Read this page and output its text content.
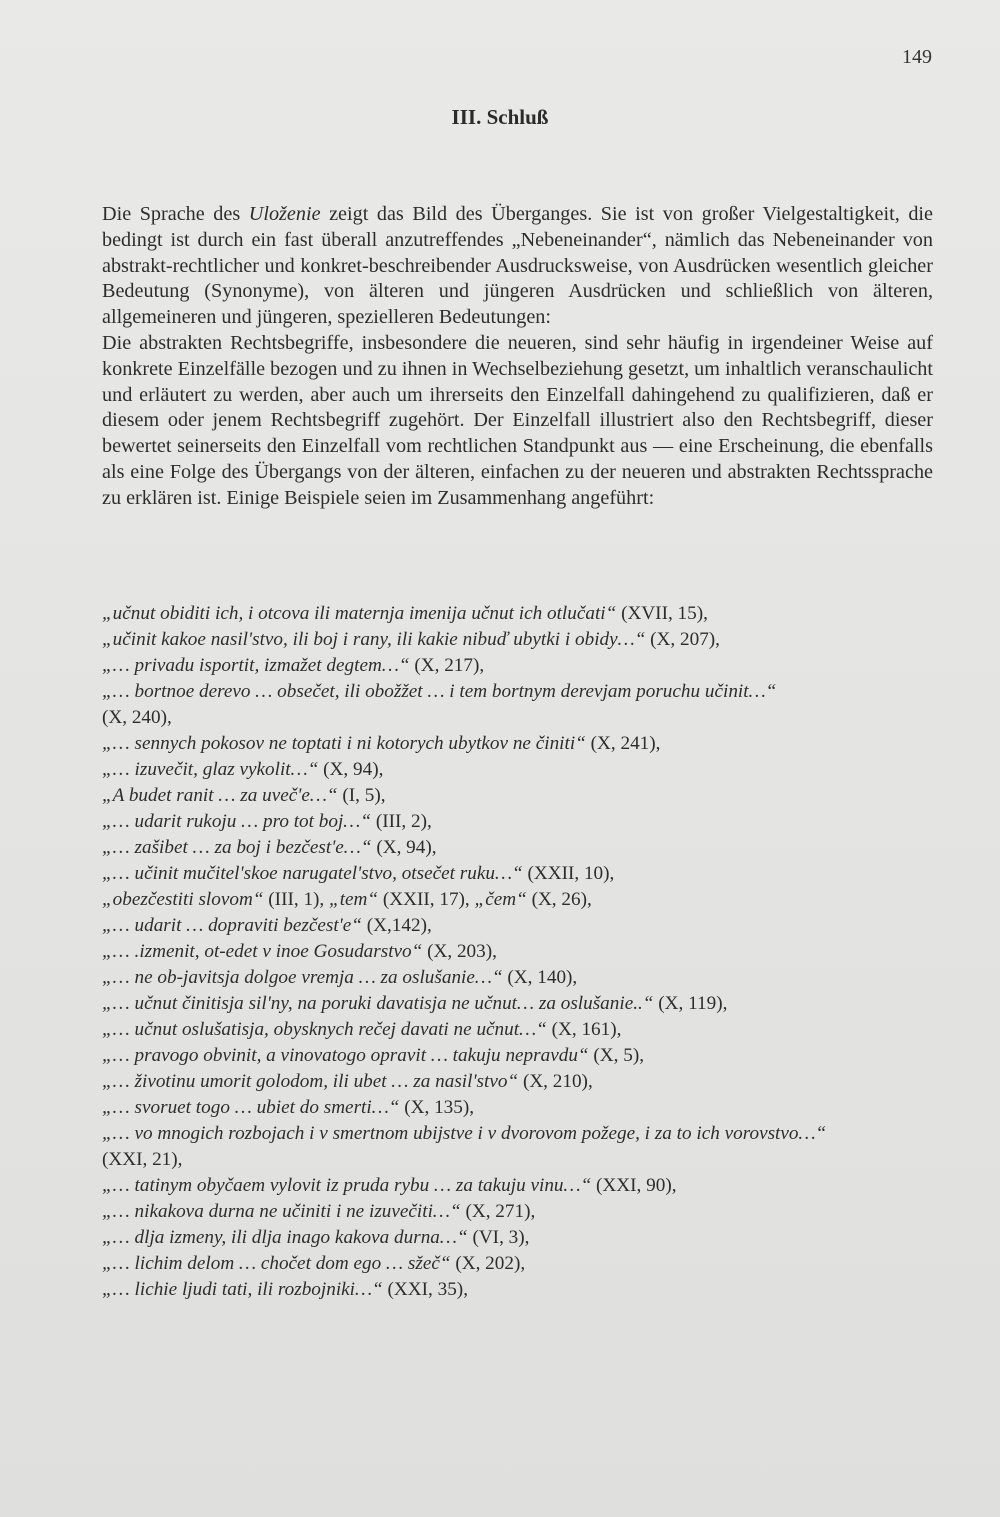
149
III. Schluß

Die Sprache des Uloženie zeigt das Bild des Überganges. Sie ist von großer Vielgestaltigkeit, die bedingt ist durch ein fast überall anzutreffendes „Nebeneinander“, nämlich das Nebeneinander von abstrakt-rechtlicher und konkret-beschreibender Ausdrucksweise, von Ausdrücken wesentlich gleicher Bedeutung (Synonyme), von älteren und jüngeren Ausdrücken und schließlich von älteren, allgemeineren und jüngeren, spezielleren Bedeutungen:

Die abstrakten Rechtsbegriffe, insbesondere die neueren, sind sehr häufig in irgendeiner Weise auf konkrete Einzelfälle bezogen und zu ihnen in Wechselbeziehung gesetzt, um inhaltlich veranschaulicht und erläutert zu werden, aber auch um ihrerseits den Einzelfall dahingehend zu qualifizieren, daß er diesem oder jenem Rechtsbegriff zugehört. Der Einzelfall illustriert also den Rechtsbegriff, dieser bewertet seinerseits den Einzelfall vom rechtlichen Standpunkt aus — eine Erscheinung, die ebenfalls als eine Folge des Übergangs von der älteren, einfachen zu der neueren und abstrakten Rechtssprache zu erklären ist. Einige Beispiele seien im Zusammenhang angeführt:

„učnut obiditi ich, i otcova ili maternja imenija učnut ich otlučati“ (XVII, 15),
„učinit kakoe nasil'stvo, ili boj i rany, ili kakie nibuď ubytki i obidy…“ (X, 207),
„… privadu isportit, izmažet degtem…“ (X, 217),
„… bortnoe derevo … obsečet, ili obožžet … i tem bortnym derevjam poruchu učinit…“
(X, 240),
„… sennych pokosov ne toptati i ni kotorych ubytkov ne činiti“ (X, 241),
„… izuvečit, glaz vykolit…“ (X, 94),
„A budet ranit … za uveč'e…“ (I, 5),
„… udarit rukoju … pro tot boj…“ (III, 2),
„… zašibet … za boj i bezčest'e…“ (X, 94),
„… učinit mučitel'skoe narugatel'stvo, otsečet ruku…“ (XXII, 10),
„obezčestiti slovom“ (III, 1), „tem“ (XXII, 17), „čem“ (X, 26),
„… udarit … dopraviti bezčest'e“ (X,142),
„… .izmenit, ot-edet v inoe Gosudarstvo“ (X, 203),
„… ne ob-javitsja dolgoe vremja … za oslušanie…“ (X, 140),
„… učnut činitisja sil'ny, na poruki davatisja ne učnut… za oslušanie..“ (X, 119),
„… učnut oslušatisja, obysknych rečej davati ne učnut…“ (X, 161),
„… pravogo obvinit, a vinovatogo opravit … takuju nepravdu“ (X, 5),
„… životinu umorit golodom, ili ubet … za nasil'stvo“ (X, 210),
„… svoruet togo … ubiet do smerti…“ (X, 135),
„… vo mnogich rozbojach i v smertnom ubijstve i v dvorovom požege, i za to ich vorovstvo…“
(XXI, 21),
„… tatinym obyčaem vylovit iz pruda rybu … za takuju vinu…“ (XXI, 90),
„… nikakova durna ne učiniti i ne izuvečiti…“ (X, 271),
„… dlja izmeny, ili dlja inago kakova durna…“ (VI, 3),
„… lichim delom … chočet dom ego … sžeč“ (X, 202),
„… lichie ljudi tati, ili rozbojniki…“ (XXI, 35),
